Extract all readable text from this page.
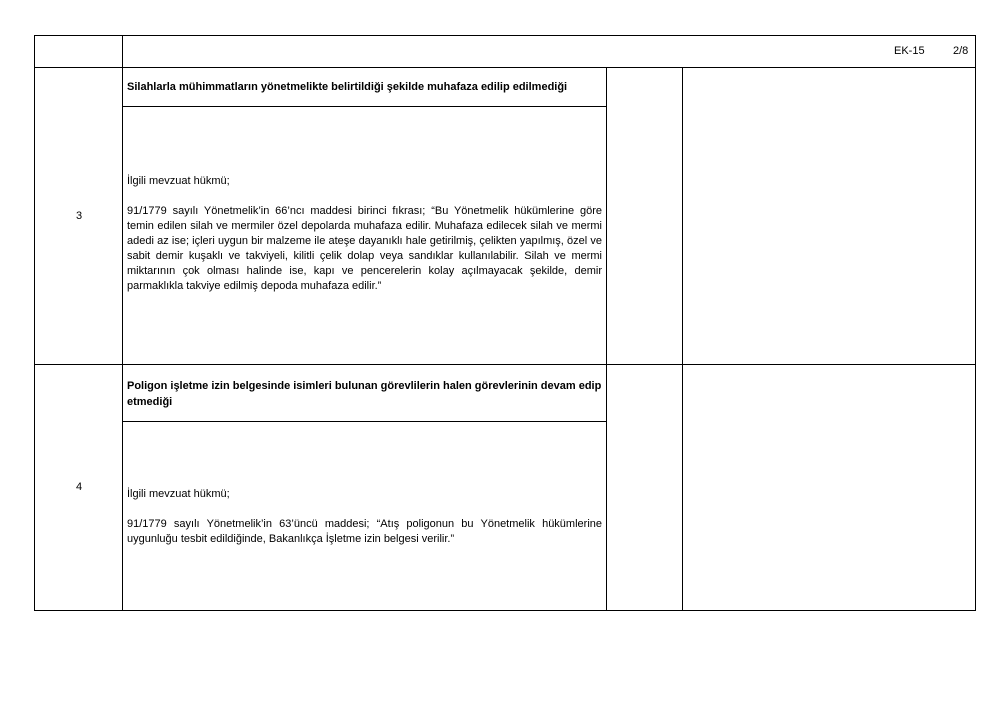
EK-15	2/8
3
Silahlarla mühimmatların yönetmelikte belirtildiği şekilde muhafaza edilip edilmediği

İlgili mevzuat hükmü;

91/1779 sayılı Yönetmelik’in 66’ncı maddesi birinci fıkrası; “Bu Yönetmelik hükümlerine göre temin edilen silah ve mermiler özel depolarda muhafaza edilir. Muhafaza edilecek silah ve mermi adedi az ise; içleri uygun bir malzeme ile ateşe dayanıklı hale getirilmiş, çelikten yapılmış, özel ve sabit demir kuşaklı ve takviyeli, kilitli çelik dolap veya sandıklar kullanılabilir. Silah ve mermi miktarının çok olması halinde ise, kapı ve pencerelerin kolay açılmayacak şekilde, demir parmaklıkla takviye edilmiş depoda muhafaza edilir.”

4
Poligon işletme izin belgesinde isimleri bulunan görevlilerin halen görevlerinin devam edip etmediği

İlgili mevzuat hükmü;

91/1779 sayılı Yönetmelik’in 63’üncü maddesi; “Atış poligonun bu Yönetmelik hükümlerine uygunluğu tesbit edildiğinde, Bakanlıkça İşletme izin belgesi verilir.”
